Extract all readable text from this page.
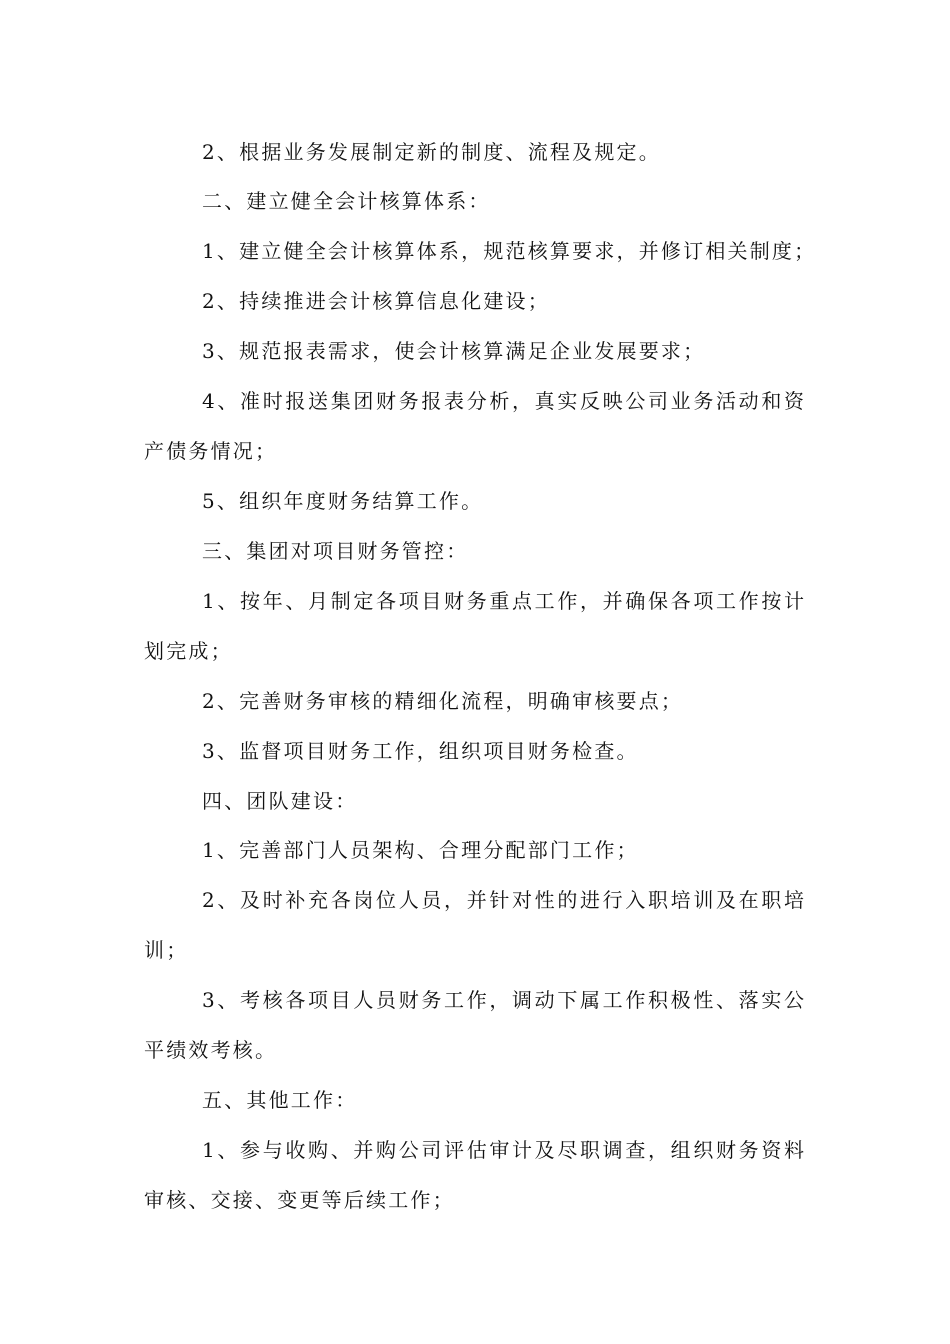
2、根据业务发展制定新的制度、流程及规定。
二、建立健全会计核算体系：
1、建立健全会计核算体系，规范核算要求，并修订相关制度；
2、持续推进会计核算信息化建设；
3、规范报表需求，使会计核算满足企业发展要求；
4、准时报送集团财务报表分析，真实反映公司业务活动和资
产债务情况；
5、组织年度财务结算工作。
三、集团对项目财务管控：
1、按年、月制定各项目财务重点工作，并确保各项工作按计
划完成；
2、完善财务审核的精细化流程，明确审核要点；
3、监督项目财务工作，组织项目财务检查。
四、团队建设：
1、完善部门人员架构、合理分配部门工作；
2、及时补充各岗位人员，并针对性的进行入职培训及在职培
训；
3、考核各项目人员财务工作，调动下属工作积极性、落实公
平绩效考核。
五、其他工作：
1、参与收购、并购公司评估审计及尽职调查，组织财务资料
审核、交接、变更等后续工作；
